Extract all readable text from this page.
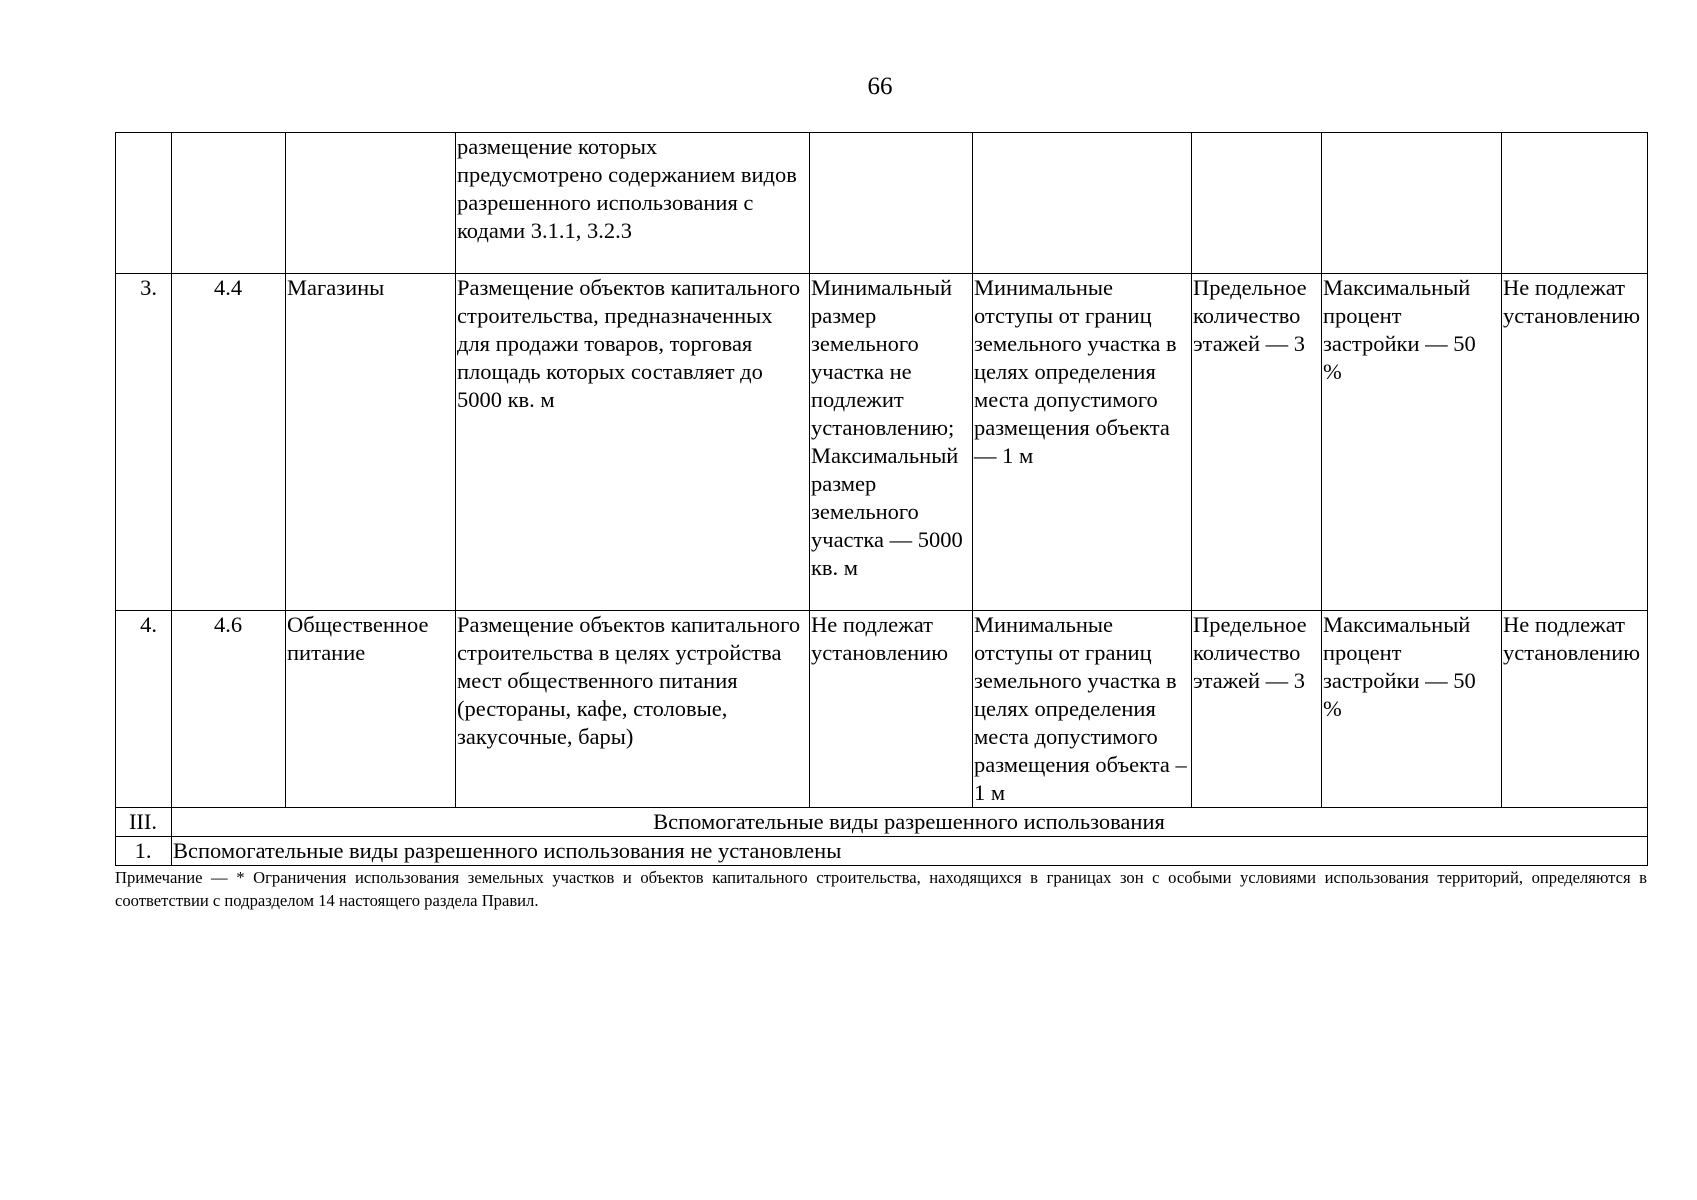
66
			размещение которых предусмотрено содержанием видов разрешенного использования с кодами 3.1.1, 3.2.3					
3.	4.4	Магазины	Размещение объектов капитального строительства, предназначенных для продажи товаров, торговая площадь которых составляет до 5000 кв. м	Минимальный размер земельного участка не подлежит установлению; Максимальный размер земельного участка — 5000 кв. м	Минимальные отступы от границ земельного участка в целях определения места допустимого размещения объекта — 1 м	Предельное количество этажей — 3	Максимальный процент застройки — 50 %	Не подлежат установлению
4.	4.6	Общественное питание	Размещение объектов капитального строительства в целях устройства мест общественного питания (рестораны, кафе, столовые, закусочные, бары)	Не подлежат установлению	Минимальные отступы от границ земельного участка в целях определения места допустимого размещения объекта – 1 м	Предельное количество этажей — 3	Максимальный процент застройки — 50 %	Не подлежат установлению
III.	Вспомогательные виды разрешенного использования							
1.	Вспомогательные виды разрешенного использования не установлены							
Примечание — * Ограничения использования земельных участков и объектов капитального строительства, находящихся в границах зон с особыми условиями использования территорий, определяются в соответствии с подразделом 14 настоящего раздела Правил.
